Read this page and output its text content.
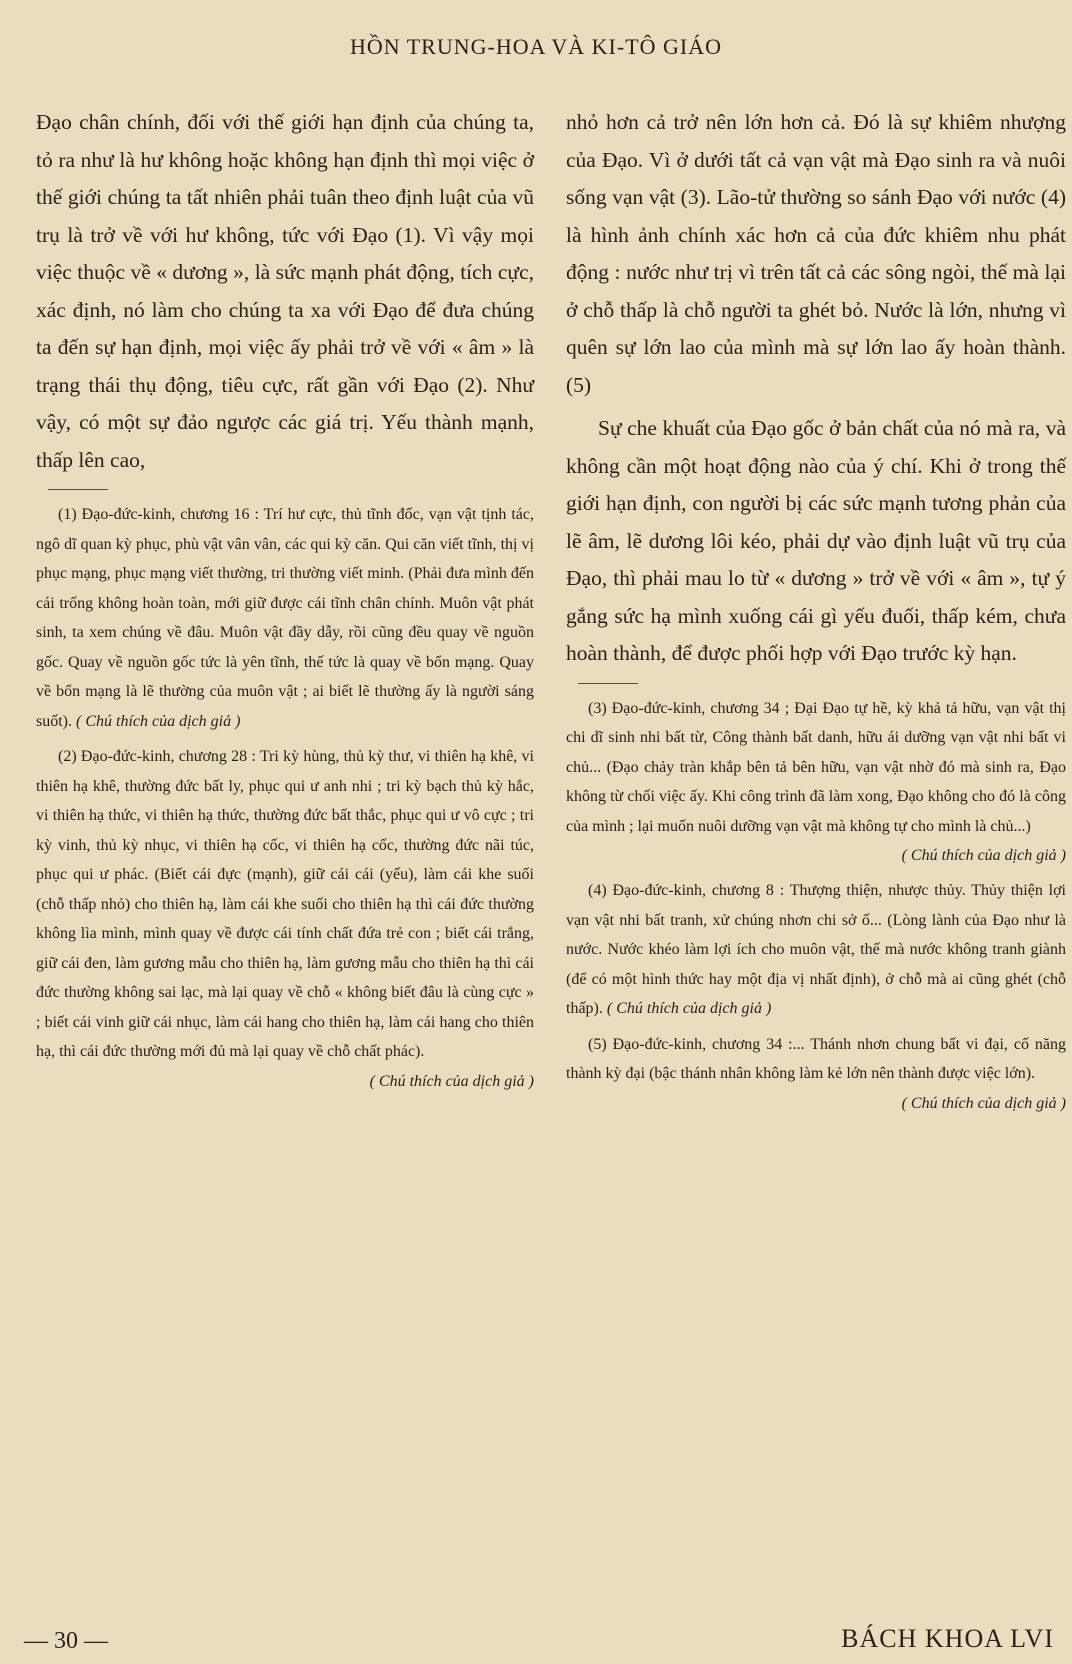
HỒN TRUNG-HOA VÀ KI-TÔ GIÁO

Đạo chân chính, đối với thế giới hạn định của chúng ta, tỏ ra như là hư không hoặc không hạn định thì mọi việc ở thế giới chúng ta tất nhiên phải tuân theo định luật của vũ trụ là trở về với hư không, tức với Đạo (1). Vì vậy mọi việc thuộc về « dương », là sức mạnh phát động, tích cực, xác định, nó làm cho chúng ta xa với Đạo để đưa chúng ta đến sự hạn định, mọi việc ấy phải trở về với « âm » là trạng thái thụ động, tiêu cực, rất gần với Đạo (2). Như vậy, có một sự đảo ngược các giá trị. Yếu thành mạnh, thấp lên cao,

(1) Đạo-đức-kinh, chương 16 : Trí hư cực, thủ tĩnh đốc, vạn vật tịnh tác, ngô dĩ quan kỳ phục, phù vật vân vân, các qui kỳ căn. Qui căn viết tĩnh, thị vị phục mạng, phục mạng viết thường, tri thường viết minh. (Phải đưa mình đến cái trống không hoàn toàn, mới giữ được cái tĩnh chân chính. Muôn vật phát sinh, ta xem chúng về đâu. Muôn vật đầy dẫy, rồi cũng đều quay về nguồn gốc. Quay về nguồn gốc tức là yên tĩnh, thế tức là quay về bổn mạng. Quay về bổn mạng là lẽ thường của muôn vật ; ai biết lẽ thường ấy là người sáng suốt). ( Chú thích của dịch giả )

(2) Đạo-đức-kinh, chương 28 : Tri kỳ hùng, thủ kỳ thư, vi thiên hạ khê, vi thiên hạ khê, thường đức bất ly, phục qui ư anh nhi ; tri kỳ bạch thủ kỳ hắc, vi thiên hạ thức, vi thiên hạ thức, thường đức bất thắc, phục qui ư vô cực ; tri kỳ vinh, thủ kỳ nhục, vi thiên hạ cốc, vi thiên hạ cốc, thường đức nãi túc, phục qui ư phác. (Biết cái đực (mạnh), giữ cái cái (yếu), làm cái khe suối (chỗ thấp nhỏ) cho thiên hạ, làm cái khe suối cho thiên hạ thì cái đức thường không lìa mình, mình quay về được cái tính chất đứa trẻ con ; biết cái trắng, giữ cái đen, làm gương mẫu cho thiên hạ, làm gương mẫu cho thiên hạ thì cái đức thường không sai lạc, mà lại quay về chỗ « không biết đâu là cùng cực » ; biết cái vinh giữ cái nhục, làm cái hang cho thiên hạ, làm cái hang cho thiên hạ, thì cái đức thường mới đủ mà lại quay về chỗ chất phác).
( Chú thích của dịch giả )

nhỏ hơn cả trở nên lớn hơn cả. Đó là sự khiêm nhượng của Đạo. Vì ở dưới tất cả vạn vật mà Đạo sinh ra và nuôi sống vạn vật (3). Lão-tử thường so sánh Đạo với nước (4) là hình ảnh chính xác hơn cả của đức khiêm nhu phát động : nước như trị vì trên tất cả các sông ngòi, thế mà lại ở chỗ thấp là chỗ người ta ghét bỏ. Nước là lớn, nhưng vì quên sự lớn lao của mình mà sự lớn lao ấy hoàn thành. (5)

Sự che khuất của Đạo gốc ở bản chất của nó mà ra, và không cần một hoạt động nào của ý chí. Khi ở trong thế giới hạn định, con người bị các sức mạnh tương phản của lẽ âm, lẽ dương lôi kéo, phải dự vào định luật vũ trụ của Đạo, thì phải mau lo từ « dương » trở về với « âm », tự ý gắng sức hạ mình xuống cái gì yếu đuối, thấp kém, chưa hoàn thành, để được phối hợp với Đạo trước kỳ hạn.

(3) Đạo-đức-kinh, chương 34 ; Đại Đạo tự hề, kỳ khả tả hữu, vạn vật thị chi dĩ sinh nhi bất từ, Công thành bất danh, hữu ái dưỡng vạn vật nhi bất vi chủ... (Đạo chảy tràn khắp bên tả bên hữu, vạn vật nhờ đó mà sinh ra, Đạo không từ chối việc ấy. Khi công trình đã làm xong, Đạo không cho đó là công của mình ; lại muốn nuôi dưỡng vạn vật mà không tự cho mình là chủ...)
( Chú thích của dịch giả )

(4) Đạo-đức-kinh, chương 8 : Thượng thiện, nhược thủy. Thủy thiện lợi vạn vật nhi bất tranh, xử chúng nhơn chi sở ố... (Lòng lành của Đạo như là nước. Nước khéo làm lợi ích cho muôn vật, thế mà nước không tranh giành (để có một hình thức hay một địa vị nhất định), ở chỗ mà ai cũng ghét (chỗ thấp). ( Chú thích của dịch giả )

(5) Đạo-đức-kinh, chương 34 :... Thánh nhơn chung bất vi đại, cố năng thành kỳ đại (bậc thánh nhân không làm kẻ lớn nên thành được việc lớn).
( Chú thích của dịch giả )

— 30 —	BÁCH KHOA LVI
